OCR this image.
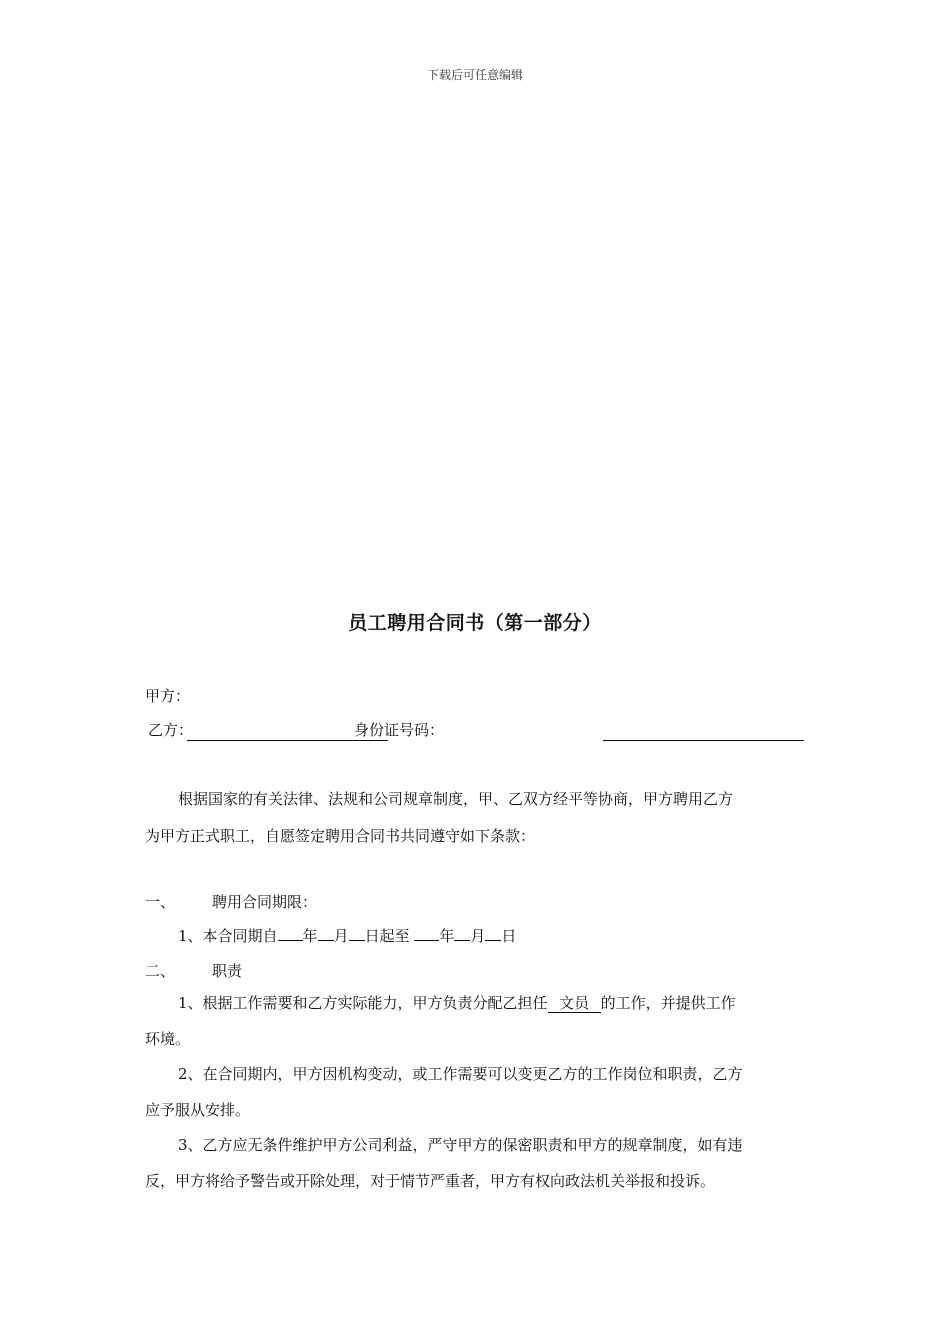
下载后可任意编辑
员工聘用合同书（第一部分）
甲方：
乙方：	身份证号码：
根据国家的有关法律、法规和公司规章制度，甲、乙双方经平等协商，甲方聘用乙方
为甲方正式职工，自愿签定聘用合同书共同遵守如下条款：
一、 聘用合同期限：
1、本合同期自 年 月 日起至 年 月 日
二、 职责
1、根据工作需要和乙方实际能力，甲方负责分配乙担任 文员 的工作，并提供工作
环境。
2、在合同期内，甲方因机构变动，或工作需要可以变更乙方的工作岗位和职责，乙方
应予服从安排。
3、乙方应无条件维护甲方公司利益，严守甲方的保密职责和甲方的规章制度，如有违
反，甲方将给予警告或开除处理，对于情节严重者，甲方有权向政法机关举报和投诉。
